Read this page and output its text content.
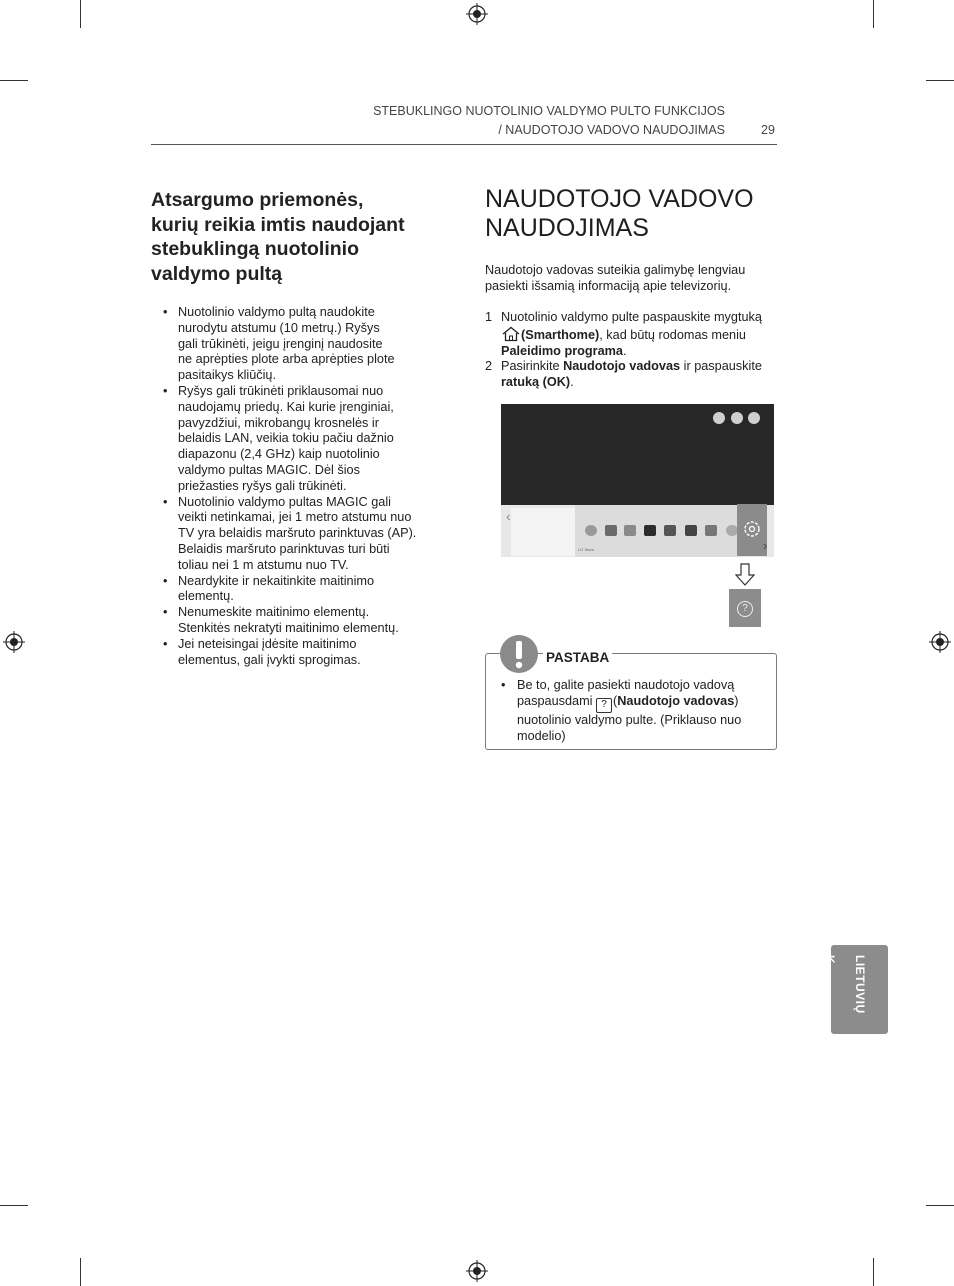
STEBUKLINGO NUOTOLINIO VALDYMO PULTO FUNKCIJOS
/ NAUDOTOJO VADOVO NAUDOJIMAS	29
Atsargumo priemonės,
kurių reikia imtis naudojant
stebuklingą nuotolinio
valdymo pultą
• Nuotolinio valdymo pultą naudokite
nurodytu atstumu (10 metrų.) Ryšys
gali trūkinėti, jeigu įrenginį naudosite
ne aprėpties plote arba aprėpties plote
pasitaikys kliūčių.
• Ryšys gali trūkinėti priklausomai nuo
naudojamų priedų. Kai kurie įrenginiai,
pavyzdžiui, mikrobangų krosnelės ir
belaidis LAN, veikia tokiu pačiu dažnio
diapazonu (2,4 GHz) kaip nuotolinio
valdymo pultas MAGIC. Dėl šios
priežasties ryšys gali trūkinėti.
• Nuotolinio valdymo pultas MAGIC gali
veikti netinkamai, jei 1 metro atstumu nuo
TV yra belaidis maršruto parinktuvas (AP).
Belaidis maršruto parinktuvas turi būti
toliau nei 1 m atstumu nuo TV.
• Neardykite ir nekaitinkite maitinimo
elementų.
• Nenumeskite maitinimo elementų.
Stenkitės nekratyti maitinimo elementų.
• Jei neteisingai įdėsite maitinimo
elementus, gali įvykti sprogimas.
NAUDOTOJO VADOVO
NAUDOJIMAS
Naudotojo vadovas suteikia galimybę lengviau
pasiekti išsamią informaciją apie televizorių.
1 Nuotolinio valdymo pulte paspauskite mygtuką
(Smarthome), kad būtų rodomas meniu
Paleidimo programa.
2 Pasirinkite Naudotojo vadovas ir paspauskite
ratuką (OK).
‹
LG Store	›
?
PASTABA
• Be to, galite pasiekti naudotojo vadovą
paspausdami ? (Naudotojo vadovas)
nuotolinio valdymo pulte. (Priklauso nuo
modelio)
LIETUVIŲ K.
